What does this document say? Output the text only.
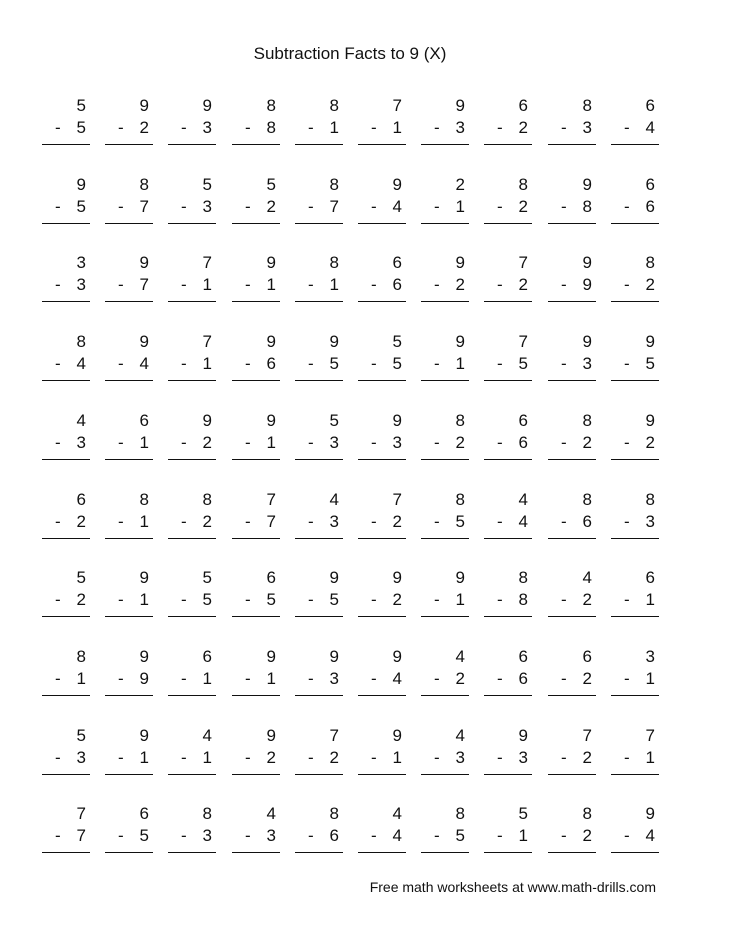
Subtraction Facts to 9 (X)
5
- 5
9
- 2
9
- 3
8
- 8
8
- 1
7
- 1
9
- 3
6
- 2
8
- 3
6
- 4
9
- 5
8
- 7
5
- 3
5
- 2
8
- 7
9
- 4
2
- 1
8
- 2
9
- 8
6
- 6
3
- 3
9
- 7
7
- 1
9
- 1
8
- 1
6
- 6
9
- 2
7
- 2
9
- 9
8
- 2
8
- 4
9
- 4
7
- 1
9
- 6
9
- 5
5
- 5
9
- 1
7
- 5
9
- 3
9
- 5
4
- 3
6
- 1
9
- 2
9
- 1
5
- 3
9
- 3
8
- 2
6
- 6
8
- 2
9
- 2
6
- 2
8
- 1
8
- 2
7
- 7
4
- 3
7
- 2
8
- 5
4
- 4
8
- 6
8
- 3
5
- 2
9
- 1
5
- 5
6
- 5
9
- 5
9
- 2
9
- 1
8
- 8
4
- 2
6
- 1
8
- 1
9
- 9
6
- 1
9
- 1
9
- 3
9
- 4
4
- 2
6
- 6
6
- 2
3
- 1
5
- 3
9
- 1
4
- 1
9
- 2
7
- 2
9
- 1
4
- 3
9
- 3
7
- 2
7
- 1
7
- 7
6
- 5
8
- 3
4
- 3
8
- 6
4
- 4
8
- 5
5
- 1
8
- 2
9
- 4
Free math worksheets at www.math-drills.com
